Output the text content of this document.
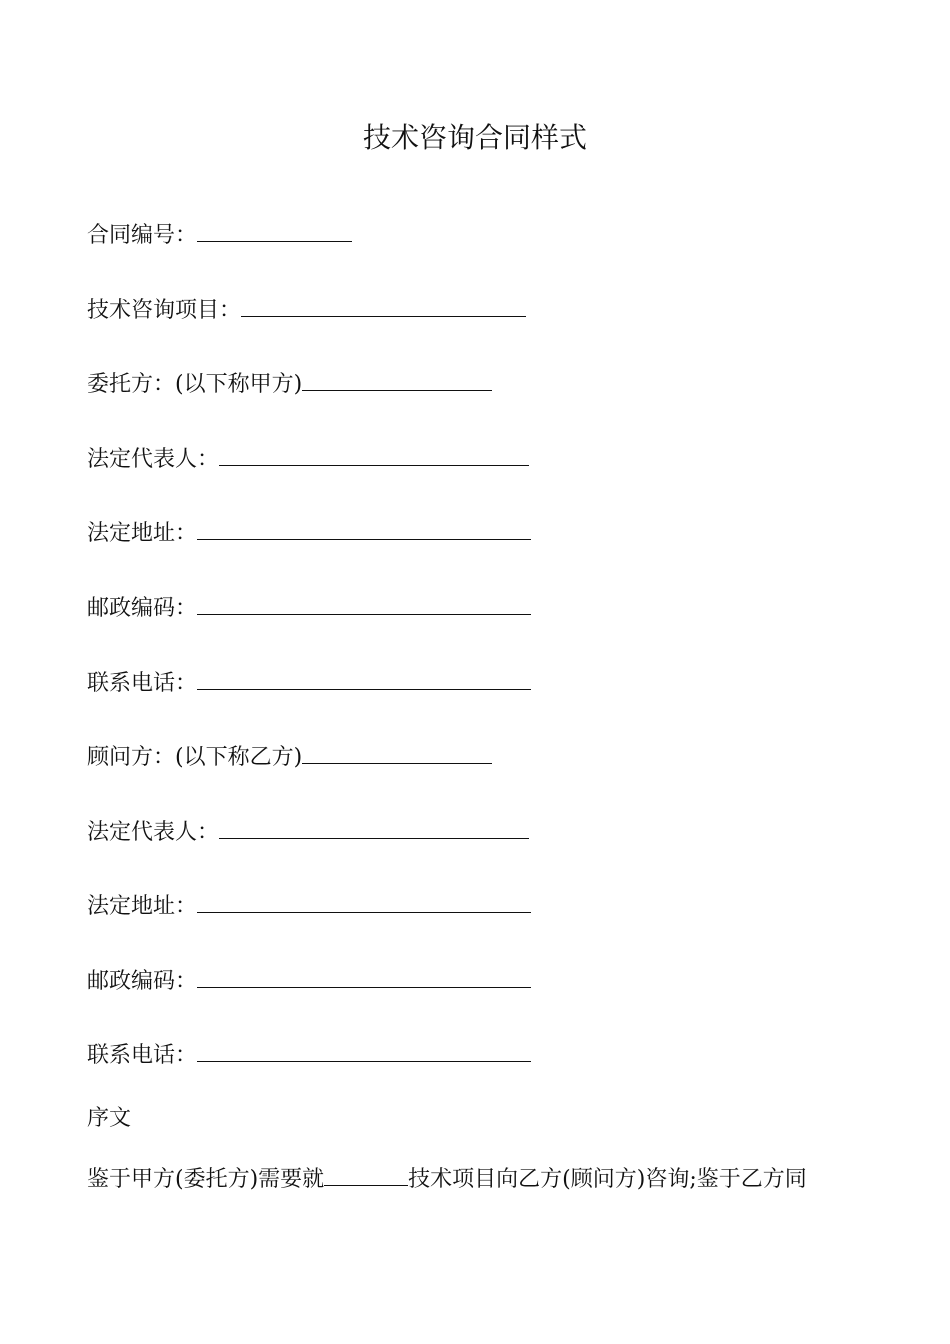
技术咨询合同样式
合同编号：
技术咨询项目：
委托方：(以下称甲方)
法定代表人：
法定地址：
邮政编码：
联系电话：
顾问方：(以下称乙方)
法定代表人：
法定地址：
邮政编码：
联系电话：
序文
鉴于甲方(委托方)需要就	技术项目向乙方(顾问方)咨询;鉴于乙方同
